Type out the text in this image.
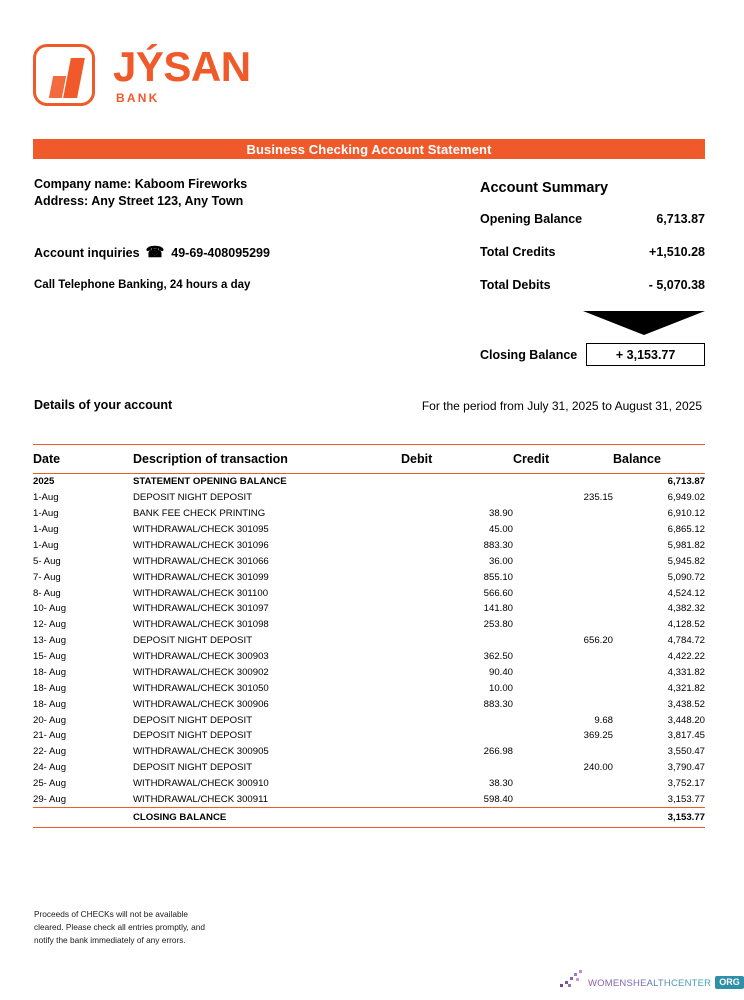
JÝSAN
BANK
Business Checking Account Statement
Company name: Kaboom Fireworks
Address: Any Street 123, Any Town
Account inquiries ☎ 49-69-408095299
Call Telephone Banking, 24 hours a day
Account Summary
Opening Balance	6,713.87
Total Credits	+1,510.28
Total Debits	- 5,070.38
Closing Balance	+ 3,153.77
Details of your account	For the period from July 31, 2025 to August 31, 2025
Date	Description of transaction	Debit	Credit	Balance
2025	STATEMENT OPENING BALANCE			6,713.87
1-Aug	DEPOSIT NIGHT DEPOSIT		235.15	6,949.02
1-Aug	BANK FEE CHECK PRINTING	38.90		6,910.12
1-Aug	WITHDRAWAL/CHECK 301095	45.00		6,865.12
1-Aug	WITHDRAWAL/CHECK 301096	883.30		5,981.82
5- Aug	WITHDRAWAL/CHECK 301066	36.00		5,945.82
7- Aug	WITHDRAWAL/CHECK 301099	855.10		5,090.72
8- Aug	WITHDRAWAL/CHECK 301100	566.60		4,524.12
10- Aug	WITHDRAWAL/CHECK 301097	141.80		4,382.32
12- Aug	WITHDRAWAL/CHECK 301098	253.80		4,128.52
13- Aug	DEPOSIT NIGHT DEPOSIT		656.20	4,784.72
15- Aug	WITHDRAWAL/CHECK 300903	362.50		4,422.22
18- Aug	WITHDRAWAL/CHECK 300902	90.40		4,331.82
18- Aug	WITHDRAWAL/CHECK 301050	10.00		4,321.82
18- Aug	WITHDRAWAL/CHECK 300906	883.30		3,438.52
20- Aug	DEPOSIT NIGHT DEPOSIT		9.68	3,448.20
21- Aug	DEPOSIT NIGHT DEPOSIT		369.25	3,817.45
22- Aug	WITHDRAWAL/CHECK 300905	266.98		3,550.47
24- Aug	DEPOSIT NIGHT DEPOSIT		240.00	3,790.47
25- Aug	WITHDRAWAL/CHECK 300910	38.30		3,752.17
29- Aug	WITHDRAWAL/CHECK 300911	598.40		3,153.77
	CLOSING BALANCE			3,153.77
Proceeds of CHECKs will not be available
cleared. Please check all entries promptly, and
notify the bank immediately of any errors.
WOMENSHEALTHCENTER ORG
